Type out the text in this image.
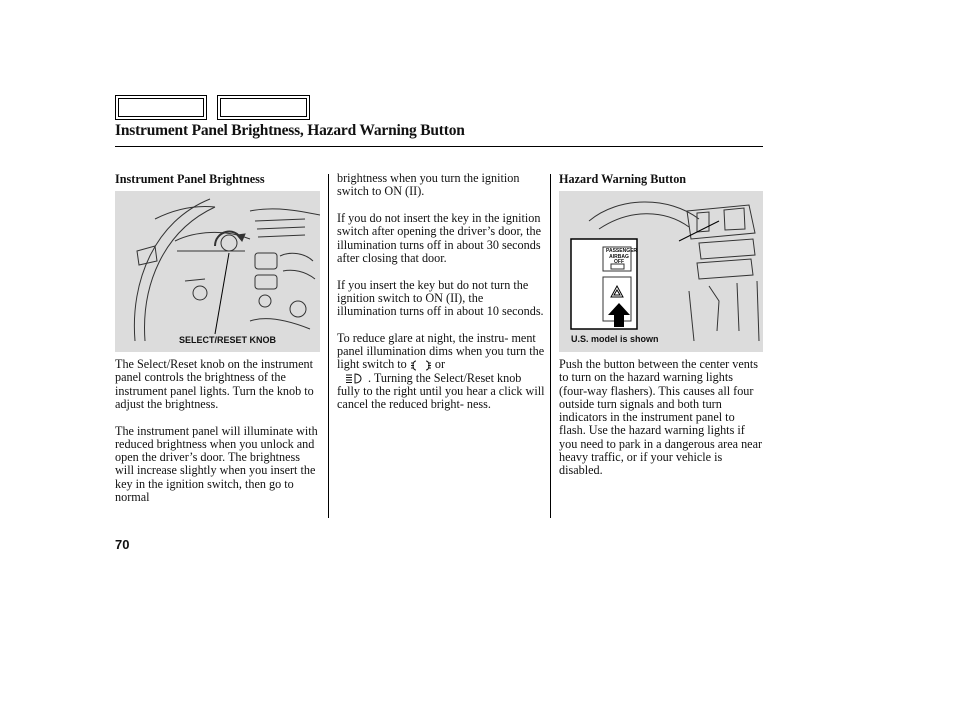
Instrument Panel Brightness, Hazard Warning Button
Instrument Panel Brightness
SELECT/RESET KNOB

The Select/Reset knob on the instrument panel controls the brightness of the instrument panel lights. Turn the knob to adjust the brightness.

The instrument panel will illuminate with reduced brightness when you unlock and open the driver’s door. The brightness will increase slightly when you insert the key in the ignition switch, then go to normal

brightness when you turn the ignition switch to ON (II).

If you do not insert the key in the ignition switch after opening the driver’s door, the illumination turns off in about 30 seconds after closing that door.

If you insert the key but do not turn the ignition switch to ON (II), the illumination turns off in about 10 seconds.

To reduce glare at night, the instru- ment panel illumination dims when you turn the light switch to or
. Turning the Select/Reset knob fully to the right until you hear a click will cancel the reduced bright- ness.

Hazard Warning Button
PASSENGER
AIRBAG
OFF
U.S. model is shown

Push the button between the center vents to turn on the hazard warning lights (four-way flashers). This causes all four outside turn signals and both turn indicators in the instrument panel to flash. Use the hazard warning lights if you need to park in a dangerous area near heavy traffic, or if your vehicle is disabled.

70
